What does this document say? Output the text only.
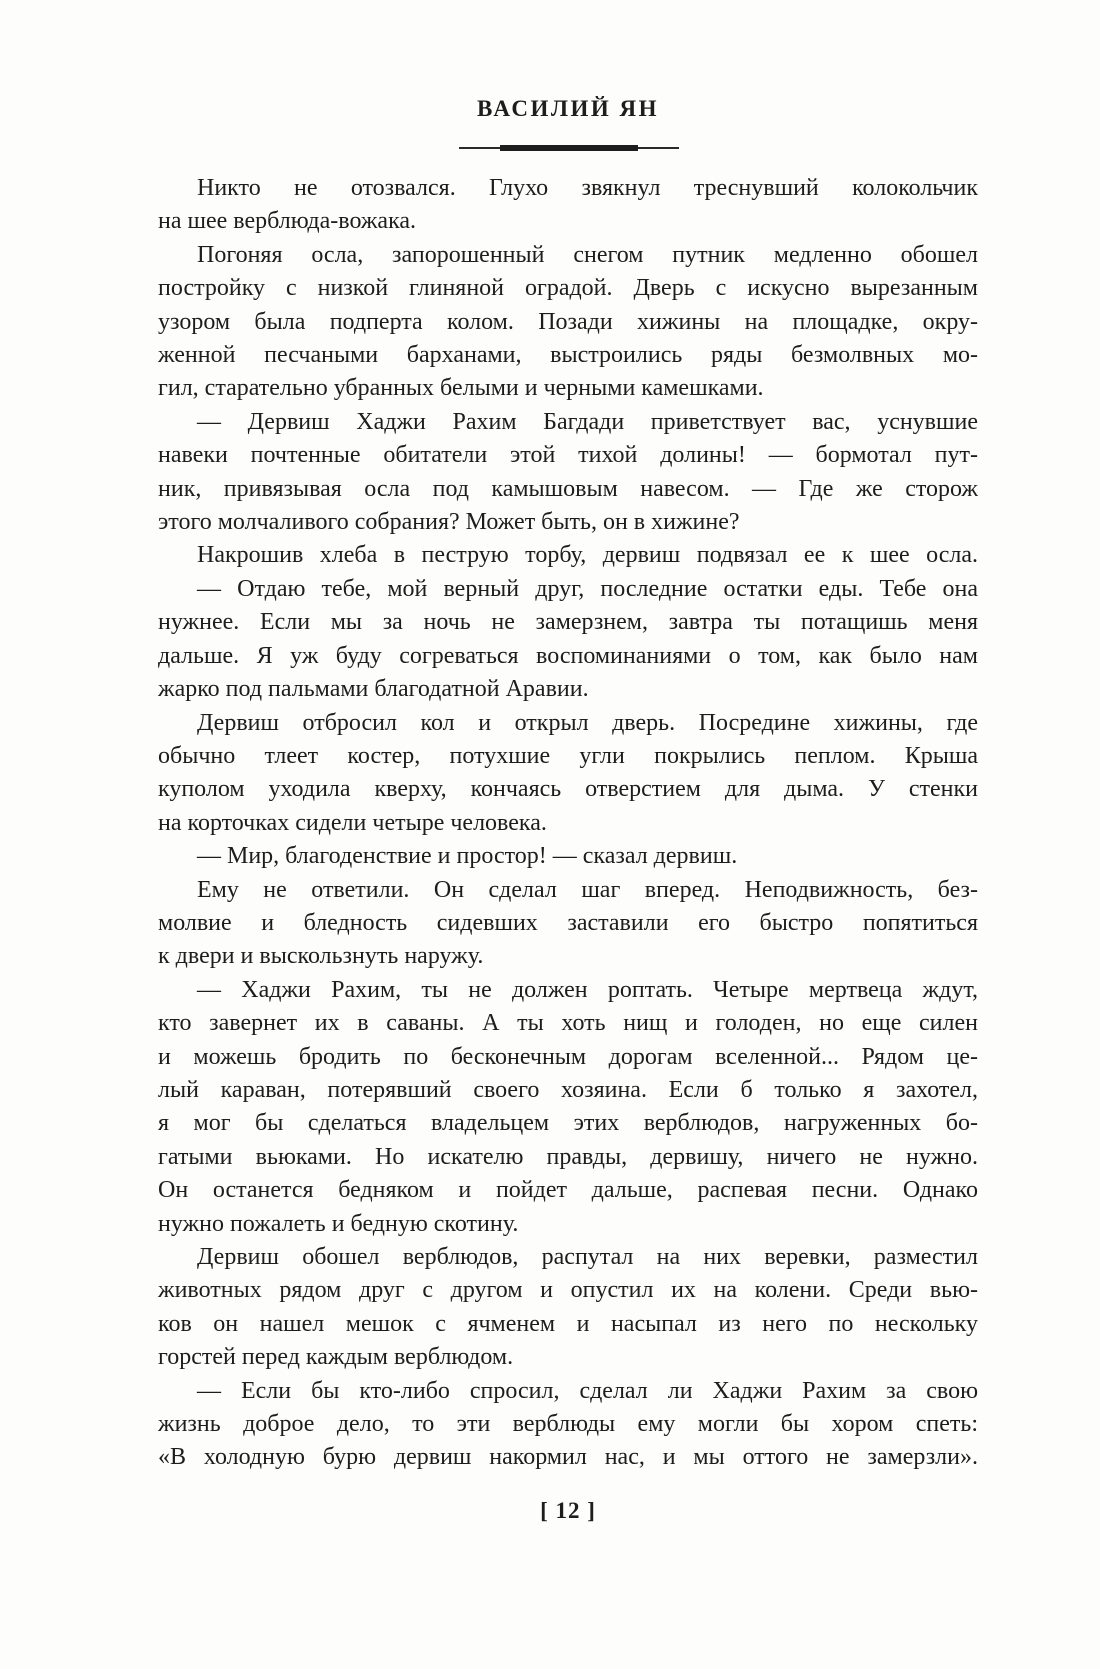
ВАСИЛИЙ ЯН
Никто не отозвался. Глухо звякнул треснувший колокольчик
на шее верблюда-вожака.
Погоняя осла, запорошенный снегом путник медленно обошел
постройку с низкой глиняной оградой. Дверь с искусно вырезанным
узором была подперта колом. Позади хижины на площадке, окру-
женной песчаными барханами, выстроились ряды безмолвных мо-
гил, старательно убранных белыми и черными камешками.
— Дервиш Хаджи Рахим Багдади приветствует вас, уснувшие
навеки почтенные обитатели этой тихой долины! — бормотал пут-
ник, привязывая осла под камышовым навесом. — Где же сторож
этого молчаливого собрания? Может быть, он в хижине?
Накрошив хлеба в пеструю торбу, дервиш подвязал ее к шее осла.
— Отдаю тебе, мой верный друг, последние остатки еды. Тебе она
нужнее. Если мы за ночь не замерзнем, завтра ты потащишь меня
дальше. Я уж буду согреваться воспоминаниями о том, как было нам
жарко под пальмами благодатной Аравии.
Дервиш отбросил кол и открыл дверь. Посредине хижины, где
обычно тлеет костер, потухшие угли покрылись пеплом. Крыша
куполом уходила кверху, кончаясь отверстием для дыма. У стенки
на корточках сидели четыре человека.
— Мир, благоденствие и простор! — сказал дервиш.
Ему не ответили. Он сделал шаг вперед. Неподвижность, без-
молвие и бледность сидевших заставили его быстро попятиться
к двери и выскользнуть наружу.
— Хаджи Рахим, ты не должен роптать. Четыре мертвеца ждут,
кто завернет их в саваны. А ты хоть нищ и голоден, но еще силен
и можешь бродить по бесконечным дорогам вселенной... Рядом це-
лый караван, потерявший своего хозяина. Если б только я захотел,
я мог бы сделаться владельцем этих верблюдов, нагруженных бо-
гатыми вьюками. Но искателю правды, дервишу, ничего не нужно.
Он останется бедняком и пойдет дальше, распевая песни. Однако
нужно пожалеть и бедную скотину.
Дервиш обошел верблюдов, распутал на них веревки, разместил
животных рядом друг с другом и опустил их на колени. Среди вью-
ков он нашел мешок с ячменем и насыпал из него по нескольку
горстей перед каждым верблюдом.
— Если бы кто-либо спросил, сделал ли Хаджи Рахим за свою
жизнь доброе дело, то эти верблюды ему могли бы хором спеть:
«В холодную бурю дервиш накормил нас, и мы оттого не замерзли».
[ 12 ]
